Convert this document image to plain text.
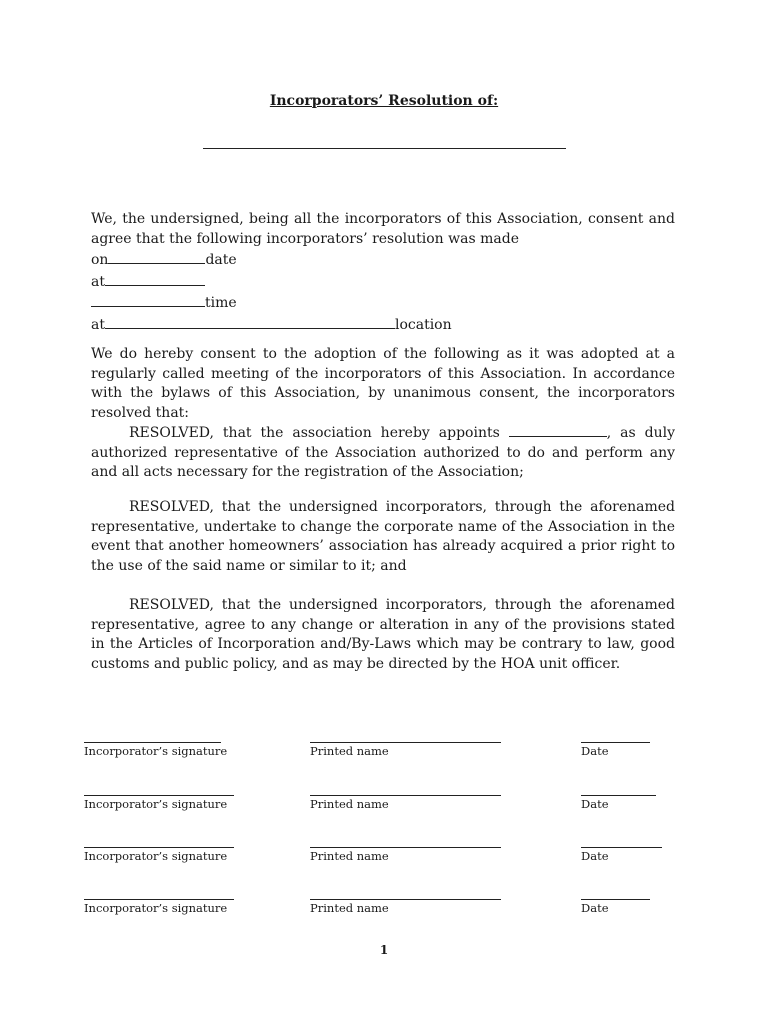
Incorporators’ Resolution of:
We, the undersigned, being all the incorporators of this Association, consent and agree that the following incorporators’ resolution was made
on	date
at
time
at	location
We do hereby consent to the adoption of the following as it was adopted at a regularly called meeting of the incorporators of this Association. In accordance with the bylaws of this Association, by unanimous consent, the incorporators resolved that:
RESOLVED, that the association hereby appoints	, as duly authorized representative of the Association authorized to do and perform any and all acts necessary for the registration of the Association;
RESOLVED, that the undersigned incorporators, through the aforenamed representative, undertake to change the corporate name of the Association in the event that another homeowners’ association has already acquired a prior right to the use of the said name or similar to it; and
RESOLVED, that the undersigned incorporators, through the aforenamed representative, agree to any change or alteration in any of the provisions stated in the Articles of Incorporation and/By-Laws which may be contrary to law, good customs and public policy, and as may be directed by the HOA unit officer.
Incorporator’s signature	Printed name	Date
Incorporator’s signature	Printed name	Date
Incorporator’s signature	Printed name	Date
Incorporator’s signature	Printed name	Date
1
